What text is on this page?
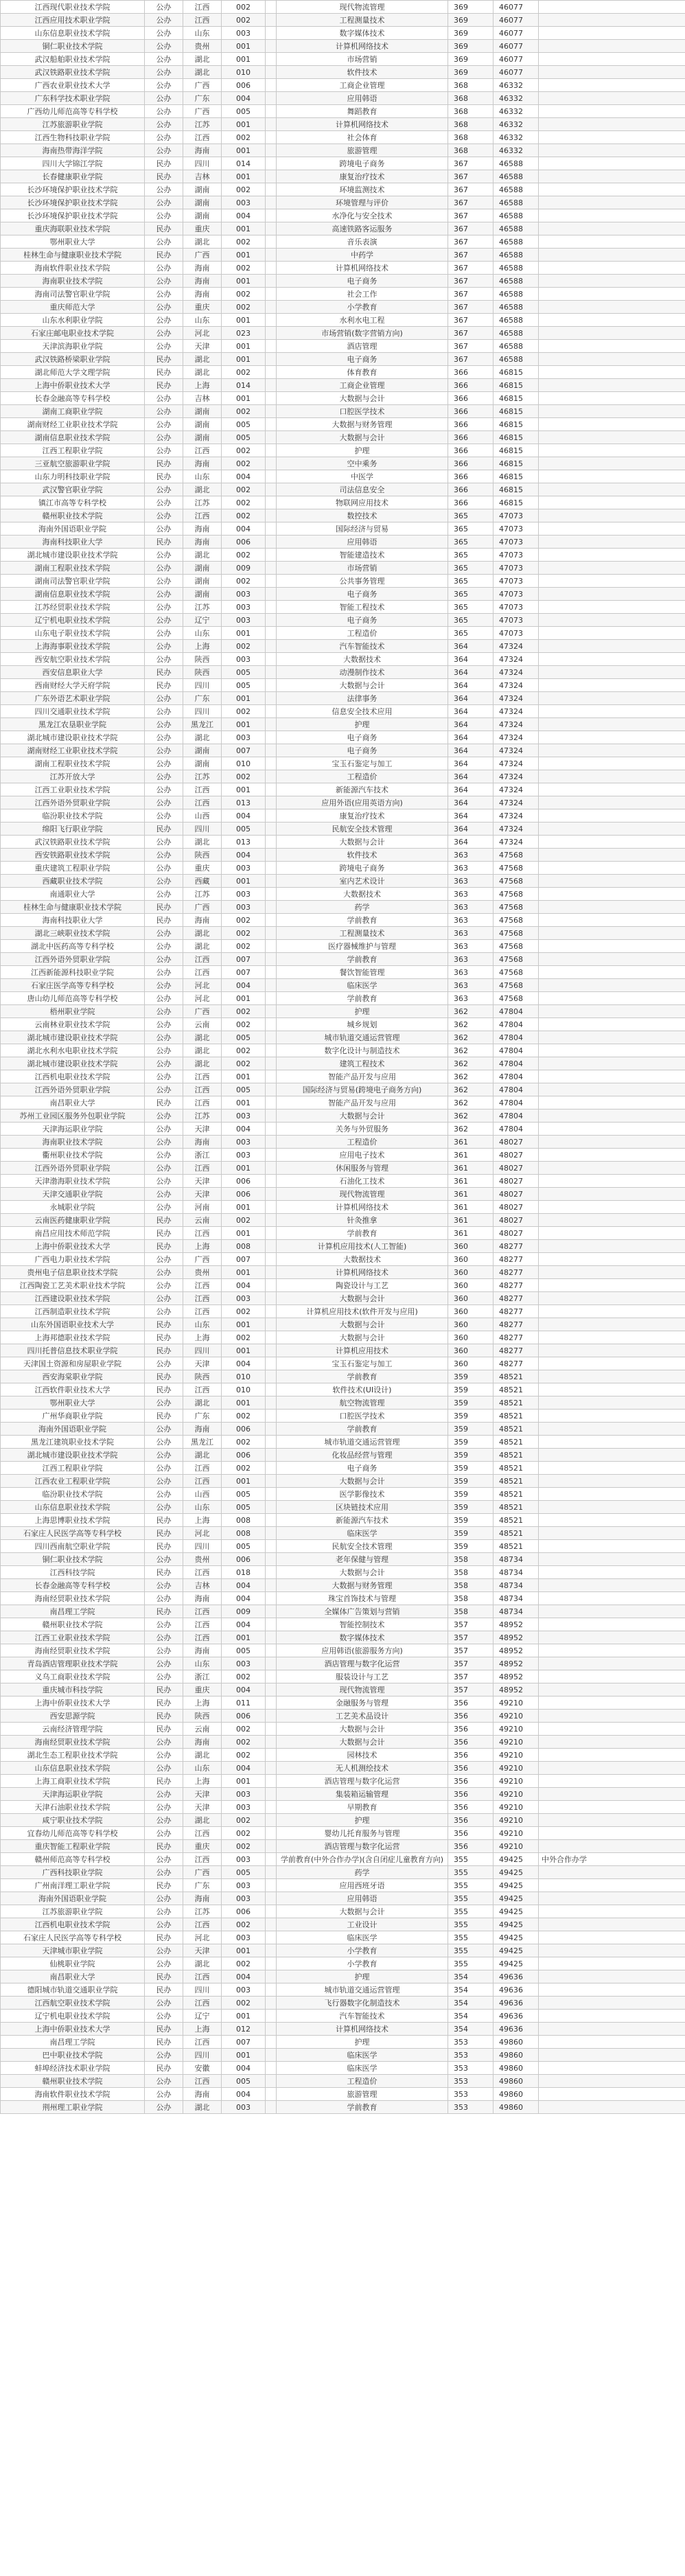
江西现代职业技术学院	公办	江西	002		现代物流管理	369	46077	
江西应用技术职业学院	公办	江西	002		工程测量技术	369	46077	
山东信息职业技术学院	公办	山东	003		数字媒体技术	369	46077	
铜仁职业技术学院	公办	贵州	001		计算机网络技术	369	46077	
武汉船舶职业技术学院	公办	湖北	001		市场营销	369	46077	
武汉铁路职业技术学院	公办	湖北	010		软件技术	369	46077	
广西农业职业技术大学	公办	广西	006		工商企业管理	368	46332	
广东科学技术职业学院	公办	广东	004		应用韩语	368	46332	
广西幼儿师范高等专科学校	公办	广西	005		舞蹈教育	368	46332	
江苏旅游职业学院	公办	江苏	001		计算机网络技术	368	46332	
江西生物科技职业学院	公办	江西	002		社会体育	368	46332	
海南热带海洋学院	公办	海南	001		旅游管理	368	46332	
四川大学锦江学院	民办	四川	014		跨境电子商务	367	46588	
长春健康职业学院	民办	吉林	001		康复治疗技术	367	46588	
长沙环境保护职业技术学院	公办	湖南	002		环境监测技术	367	46588	
长沙环境保护职业技术学院	公办	湖南	003		环境管理与评价	367	46588	
长沙环境保护职业技术学院	公办	湖南	004		水净化与安全技术	367	46588	
重庆海联职业技术学院	民办	重庆	001		高速铁路客运服务	367	46588	
鄂州职业大学	公办	湖北	002		音乐表演	367	46588	
桂林生命与健康职业技术学院	民办	广西	001		中药学	367	46588	
海南软件职业技术学院	公办	海南	002		计算机网络技术	367	46588	
海南职业技术学院	公办	海南	001		电子商务	367	46588	
海南司法警官职业学院	公办	海南	002		社会工作	367	46588	
重庆师范大学	公办	重庆	002		小学教育	367	46588	
山东水利职业学院	公办	山东	001		水利水电工程	367	46588	
石家庄邮电职业技术学院	公办	河北	023		市场营销(数字营销方向)	367	46588	
天津滨海职业学院	公办	天津	001		酒店管理	367	46588	
武汉铁路桥梁职业学院	民办	湖北	001		电子商务	367	46588	
湖北师范大学文理学院	民办	湖北	002		体育教育	366	46815	
上海中侨职业技术大学	民办	上海	014		工商企业管理	366	46815	
长春金融高等专科学校	公办	吉林	001		大数据与会计	366	46815	
湖南工商职业学院	公办	湖南	002		口腔医学技术	366	46815	
湖南财经工业职业技术学院	公办	湖南	005		大数据与财务管理	366	46815	
湖南信息职业技术学院	公办	湖南	005		大数据与会计	366	46815	
江西工程职业学院	公办	江西	002		护理	366	46815	
三亚航空旅游职业学院	民办	海南	002		空中乘务	366	46815	
山东力明科技职业学院	民办	山东	004		中医学	366	46815	
武汉警官职业学院	公办	湖北	002		司法信息安全	366	46815	
镇江市高等专科学校	公办	江苏	002		物联网应用技术	366	46815	
赣州职业技术学院	公办	江西	002		数控技术	365	47073	
海南外国语职业学院	公办	海南	004		国际经济与贸易	365	47073	
海南科技职业大学	民办	海南	006		应用韩语	365	47073	
湖北城市建设职业技术学院	公办	湖北	002		智能建造技术	365	47073	
湖南工程职业技术学院	公办	湖南	009		市场营销	365	47073	
湖南司法警官职业学院	公办	湖南	002		公共事务管理	365	47073	
湖南信息职业技术学院	公办	湖南	003		电子商务	365	47073	
江苏经贸职业技术学院	公办	江苏	003		智能工程技术	365	47073	
辽宁机电职业技术学院	公办	辽宁	003		电子商务	365	47073	
山东电子职业技术学院	公办	山东	001		工程造价	365	47073	
上海海事职业技术学院	公办	上海	002		汽车智能技术	364	47324	
西安航空职业技术学院	公办	陕西	003		大数据技术	364	47324	
西安信息职业大学	民办	陕西	005		动漫制作技术	364	47324	
西南财经大学天府学院	民办	四川	005		大数据与会计	364	47324	
广东外语艺术职业学院	公办	广东	001		法律事务	364	47324	
四川交通职业技术学院	公办	四川	002		信息安全技术应用	364	47324	
黑龙江农垦职业学院	公办	黑龙江	001		护理	364	47324	
湖北城市建设职业技术学院	公办	湖北	003		电子商务	364	47324	
湖南财经工业职业技术学院	公办	湖南	007		电子商务	364	47324	
湖南工程职业技术学院	公办	湖南	010		宝玉石鉴定与加工	364	47324	
江苏开放大学	公办	江苏	002		工程造价	364	47324	
江西工业职业技术学院	公办	江西	001		新能源汽车技术	364	47324	
江西外语外贸职业学院	公办	江西	013		应用外语(应用英语方向)	364	47324	
临汾职业技术学院	公办	山西	004		康复治疗技术	364	47324	
绵阳飞行职业学院	民办	四川	005		民航安全技术管理	364	47324	
武汉铁路职业技术学院	公办	湖北	013		大数据与会计	364	47324	
西安铁路职业技术学院	公办	陕西	004		软件技术	363	47568	
重庆建筑工程职业学院	公办	重庆	003		跨境电子商务	363	47568	
西藏职业技术学院	公办	西藏	001		室内艺术设计	363	47568	
南通职业大学	公办	江苏	003		大数据技术	363	47568	
桂林生命与健康职业技术学院	民办	广西	003		药学	363	47568	
海南科技职业大学	民办	海南	002		学前教育	363	47568	
湖北三峡职业技术学院	公办	湖北	002		工程测量技术	363	47568	
湖北中医药高等专科学校	公办	湖北	002		医疗器械维护与管理	363	47568	
江西外语外贸职业学院	公办	江西	007		学前教育	363	47568	
江西新能源科技职业学院	公办	江西	007		餐饮智能管理	363	47568	
石家庄医学高等专科学校	公办	河北	004		临床医学	363	47568	
唐山幼儿师范高等专科学校	公办	河北	001		学前教育	363	47568	
梧州职业学院	公办	广西	002		护理	362	47804	
云南林业职业技术学院	公办	云南	002		城乡规划	362	47804	
湖北城市建设职业技术学院	公办	湖北	005		城市轨道交通运营管理	362	47804	
湖北水利水电职业技术学院	公办	湖北	002		数字化设计与制造技术	362	47804	
湖北城市建设职业技术学院	公办	湖北	002		建筑工程技术	362	47804	
江西机电职业技术学院	公办	江西	001		智能产品开发与应用	362	47804	
江西外语外贸职业学院	公办	江西	005		国际经济与贸易(跨境电子商务方向)	362	47804	
南昌职业大学	民办	江西	001		智能产品开发与应用	362	47804	
苏州工业园区服务外包职业学院	公办	江苏	003		大数据与会计	362	47804	
天津海运职业学院	公办	天津	004		关务与外贸服务	362	47804	
海南职业技术学院	公办	海南	003		工程造价	361	48027	
衢州职业技术学院	公办	浙江	003		应用电子技术	361	48027	
江西外语外贸职业学院	公办	江西	001		休闲服务与管理	361	48027	
天津渤海职业技术学院	公办	天津	006		石油化工技术	361	48027	
天津交通职业学院	公办	天津	006		现代物流管理	361	48027	
永城职业学院	公办	河南	001		计算机网络技术	361	48027	
云南医药健康职业学院	民办	云南	002		针灸推拿	361	48027	
南昌应用技术师范学院	民办	江西	001		学前教育	361	48027	
上海中侨职业技术大学	民办	上海	008		计算机应用技术(人工智能)	360	48277	
广西电力职业技术学院	公办	广西	007		大数据技术	360	48277	
贵州电子信息职业技术学院	公办	贵州	001		计算机网络技术	360	48277	
江西陶瓷工艺美术职业技术学院	公办	江西	004		陶瓷设计与工艺	360	48277	
江西建设职业技术学院	公办	江西	003		大数据与会计	360	48277	
江西制造职业技术学院	公办	江西	002		计算机应用技术(软件开发与应用)	360	48277	
山东外国语职业技术大学	民办	山东	001		大数据与会计	360	48277	
上海邦德职业技术学院	民办	上海	002		大数据与会计	360	48277	
四川托普信息技术职业学院	民办	四川	001		计算机应用技术	360	48277	
天津国土资源和房屋职业学院	公办	天津	004		宝玉石鉴定与加工	360	48277	
西安海棠职业学院	民办	陕西	010		学前教育	359	48521	
江西软件职业技术大学	民办	江西	010		软件技术(UI设计)	359	48521	
鄂州职业大学	公办	湖北	001		航空物流管理	359	48521	
广州华商职业学院	民办	广东	002		口腔医学技术	359	48521	
海南外国语职业学院	公办	海南	006		学前教育	359	48521	
黑龙江建筑职业技术学院	公办	黑龙江	002		城市轨道交通运营管理	359	48521	
湖北城市建设职业技术学院	公办	湖北	006		化妆品经营与管理	359	48521	
江西工程职业学院	公办	江西	002		电子商务	359	48521	
江西农业工程职业学院	公办	江西	001		大数据与会计	359	48521	
临汾职业技术学院	公办	山西	005		医学影像技术	359	48521	
山东信息职业技术学院	公办	山东	005		区块链技术应用	359	48521	
上海思博职业技术学院	民办	上海	008		新能源汽车技术	359	48521	
石家庄人民医学高等专科学校	民办	河北	008		临床医学	359	48521	
四川西南航空职业学院	民办	四川	005		民航安全技术管理	359	48521	
铜仁职业技术学院	公办	贵州	006		老年保健与管理	358	48734	
江西科技学院	民办	江西	018		大数据与会计	358	48734	
长春金融高等专科学校	公办	吉林	004		大数据与财务管理	358	48734	
海南经贸职业技术学院	公办	海南	004		珠宝首饰技术与管理	358	48734	
南昌理工学院	民办	江西	009		全媒体广告策划与营销	358	48734	
赣州职业技术学院	公办	江西	004		智能控制技术	357	48952	
江西工业职业技术学院	公办	江西	001		数字媒体技术	357	48952	
海南经贸职业技术学院	公办	海南	005		应用韩语(旅游服务方向)	357	48952	
青岛酒店管理职业技术学院	公办	山东	003		酒店管理与数字化运营	357	48952	
义乌工商职业技术学院	公办	浙江	002		服装设计与工艺	357	48952	
重庆城市科技学院	民办	重庆	004		现代物流管理	357	48952	
上海中侨职业技术大学	民办	上海	011		金融服务与管理	356	49210	
西安思源学院	民办	陕西	006		工艺美术品设计	356	49210	
云南经济管理学院	民办	云南	002		大数据与会计	356	49210	
海南经贸职业技术学院	公办	海南	002		大数据与会计	356	49210	
湖北生态工程职业技术学院	公办	湖北	002		园林技术	356	49210	
山东信息职业技术学院	公办	山东	004		无人机测绘技术	356	49210	
上海工商职业技术学院	民办	上海	001		酒店管理与数字化运营	356	49210	
天津海运职业学院	公办	天津	003		集装箱运输管理	356	49210	
天津石油职业技术学院	公办	天津	003		早期教育	356	49210	
咸宁职业技术学院	公办	湖北	002		护理	356	49210	
宜春幼儿师范高等专科学校	公办	江西	002		婴幼儿托育服务与管理	356	49210	
重庆智能工程职业学院	民办	重庆	002		酒店管理与数字化运营	356	49210	
赣州师范高等专科学校	公办	江西	003		学前教育(中外合作办学)(含自闭症儿童教育方向)	355	49425	中外合作办学
广西科技职业学院	公办	广西	005		药学	355	49425	
广州南洋理工职业学院	民办	广东	003		应用西班牙语	355	49425	
海南外国语职业学院	公办	海南	003		应用韩语	355	49425	
江苏旅游职业学院	公办	江苏	006		大数据与会计	355	49425	
江西机电职业技术学院	公办	江西	002		工业设计	355	49425	
石家庄人民医学高等专科学校	民办	河北	003		临床医学	355	49425	
天津城市职业学院	公办	天津	001		小学教育	355	49425	
仙桃职业学院	公办	湖北	002		小学教育	355	49425	
南昌职业大学	民办	江西	004		护理	354	49636	
德阳城市轨道交通职业学院	民办	四川	003		城市轨道交通运营管理	354	49636	
江西航空职业技术学院	公办	江西	002		飞行器数字化制造技术	354	49636	
辽宁机电职业技术学院	公办	辽宁	001		汽车智能技术	354	49636	
上海中侨职业技术大学	民办	上海	012		计算机网络技术	354	49636	
南昌理工学院	民办	江西	007		护理	353	49860	
巴中职业技术学院	公办	四川	001		临床医学	353	49860	
蚌埠经济技术职业学院	民办	安徽	004		临床医学	353	49860	
赣州职业技术学院	公办	江西	005		工程造价	353	49860	
海南软件职业技术学院	公办	海南	004		旅游管理	353	49860	
荆州理工职业学院	公办	湖北	003		学前教育	353	49860	
